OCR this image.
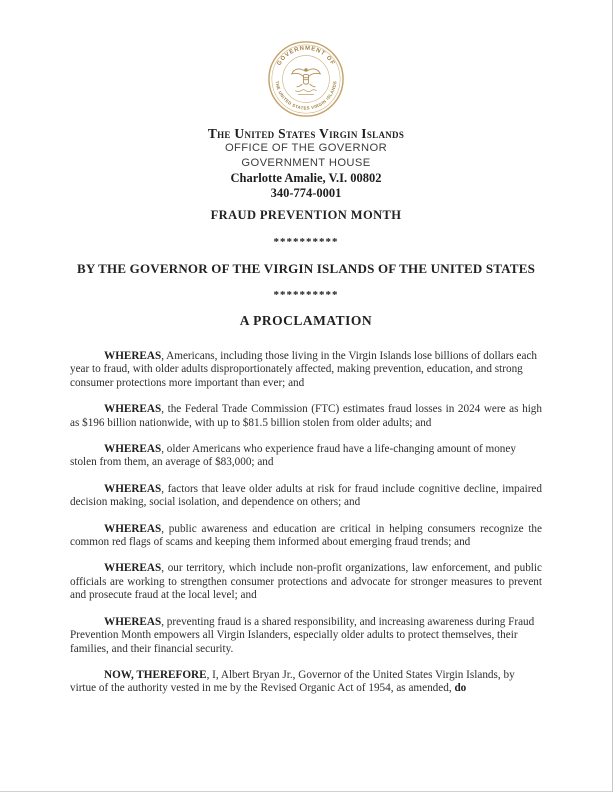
GOVERNMENT OF
THE UNITED STATES VIRGIN ISLANDS
The United States Virgin Islands
OFFICE OF THE GOVERNOR
GOVERNMENT HOUSE
Charlotte Amalie, V.I. 00802
340-774-0001
FRAUD PREVENTION MONTH
**********
BY THE GOVERNOR OF THE VIRGIN ISLANDS OF THE UNITED STATES
**********
A PROCLAMATION

WHEREAS, Americans, including those living in the Virgin Islands lose billions of dollars each year to fraud, with older adults disproportionately affected, making prevention, education, and strong consumer protections more important than ever; and

WHEREAS, the Federal Trade Commission (FTC) estimates fraud losses in 2024 were as high as $196 billion nationwide, with up to $81.5 billion stolen from older adults; and

WHEREAS, older Americans who experience fraud have a life-changing amount of money stolen from them, an average of $83,000; and

WHEREAS, factors that leave older adults at risk for fraud include cognitive decline, impaired decision making, social isolation, and dependence on others; and

WHEREAS, public awareness and education are critical in helping consumers recognize the common red flags of scams and keeping them informed about emerging fraud trends; and

WHEREAS, our territory, which include non-profit organizations, law enforcement, and public officials are working to strengthen consumer protections and advocate for stronger measures to prevent and prosecute fraud at the local level; and

WHEREAS, preventing fraud is a shared responsibility, and increasing awareness during Fraud Prevention Month empowers all Virgin Islanders, especially older adults to protect themselves, their families, and their financial security.

NOW, THEREFORE, I, Albert Bryan Jr., Governor of the United States Virgin Islands, by virtue of the authority vested in me by the Revised Organic Act of 1954, as amended, do
